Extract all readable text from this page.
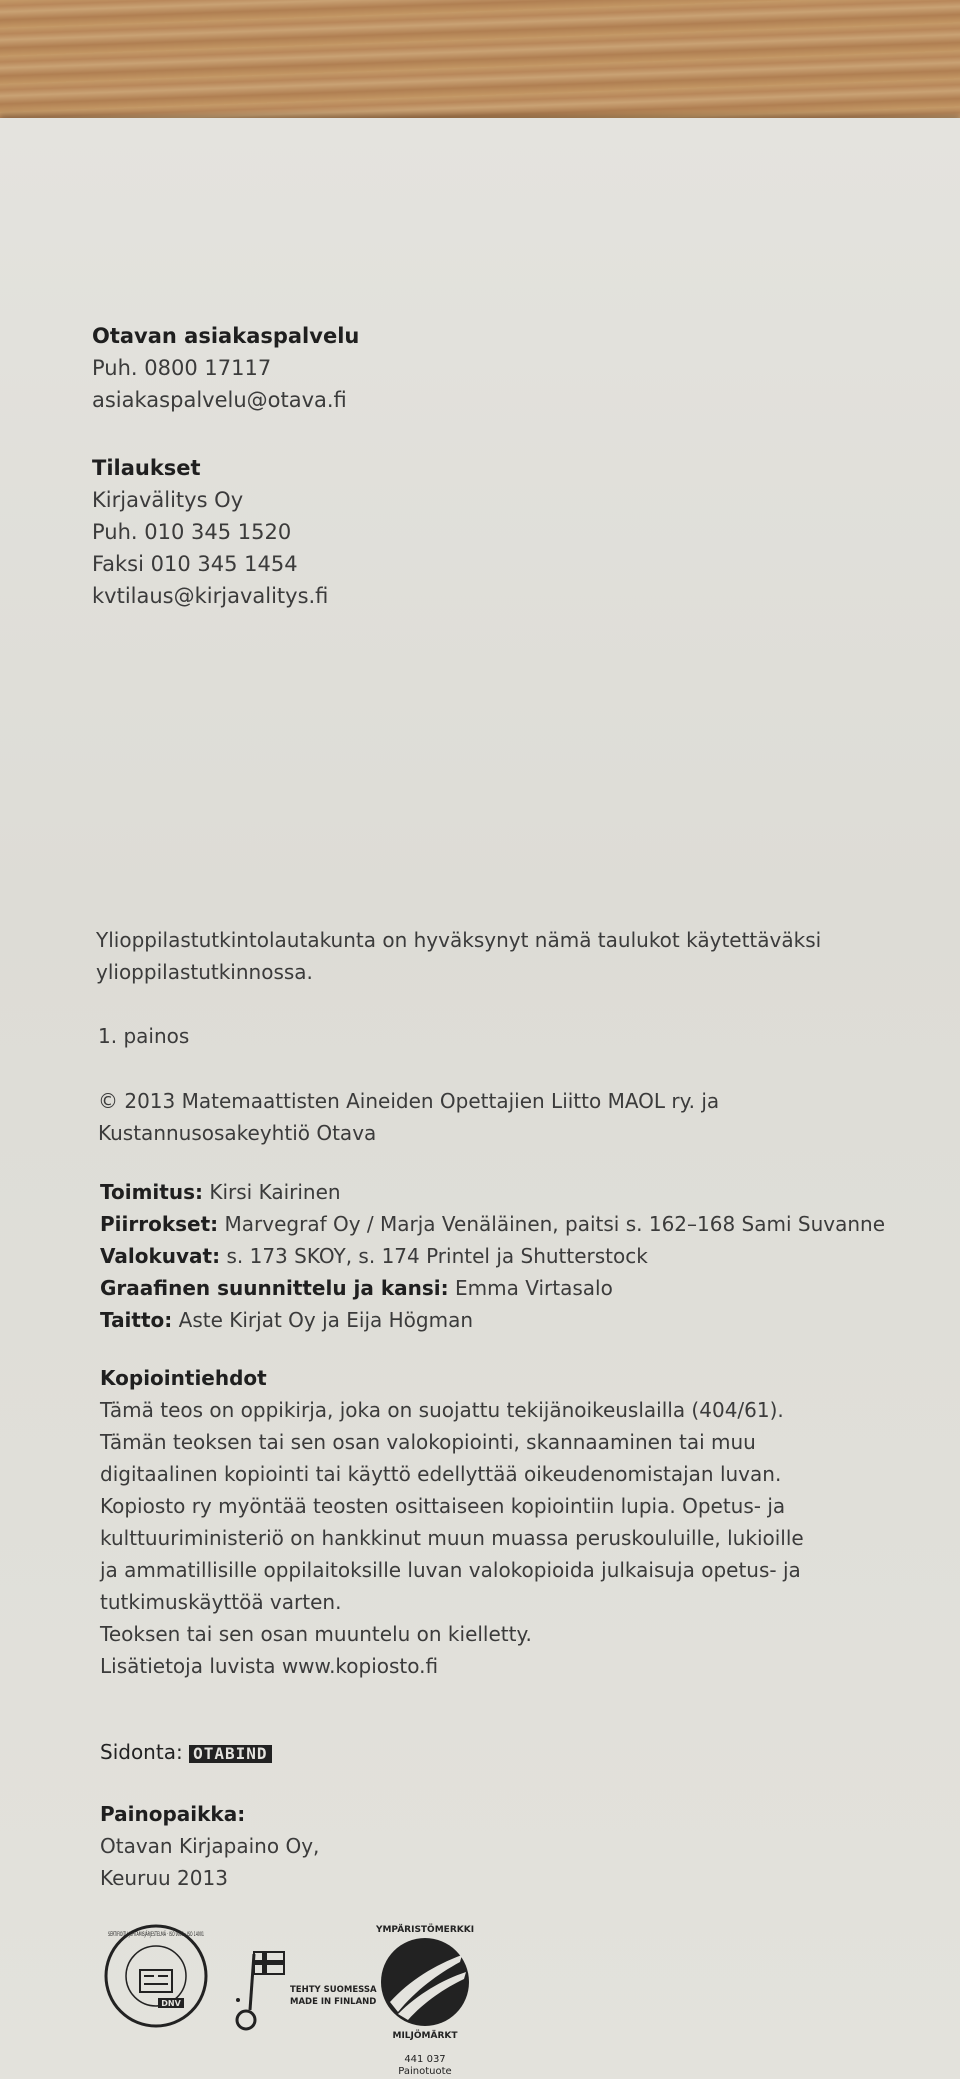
Otavan asiakaspalvelu
Puh. 0800 17117
asiakaspalvelu@otava.fi
Tilaukset
Kirjavälitys Oy
Puh. 010 345 1520
Faksi 010 345 1454
kvtilaus@kirjavalitys.fi
Ylioppilastutkintolautakunta on hyväksynyt nämä taulukot käytettäväksi
ylioppilastutkinnossa.
1. painos
© 2013 Matemaattisten Aineiden Opettajien Liitto MAOL ry. ja
Kustannusosakeyhtiö Otava
Toimitus: Kirsi Kairinen
Piirrokset: Marvegraf Oy / Marja Venäläinen, paitsi s. 162–168 Sami Suvanne
Valokuvat: s. 173 SKOY, s. 174 Printel ja Shutterstock
Graafinen suunnittelu ja kansi: Emma Virtasalo
Taitto: Aste Kirjat Oy ja Eija Högman
Kopiointiehdot
Tämä teos on oppikirja, joka on suojattu tekijänoikeuslailla (404/61).
Tämän teoksen tai sen osan valokopiointi, skannaaminen tai muu
digitaalinen kopiointi tai käyttö edellyttää oikeudenomistajan luvan.
Kopiosto ry myöntää teosten osittaiseen kopiointiin lupia. Opetus- ja
kulttuuriministeriö on hankkinut muun muassa peruskouluille, lukioille
ja ammatillisille oppilaitoksille luvan valokopioida julkaisuja opetus- ja
tutkimuskäyttöä varten.
Teoksen tai sen osan muuntelu on kielletty.
Lisätietoja luvista www.kopiosto.fi
Sidonta: OTABIND
Painopaikka:
Otavan Kirjapaino Oy,
Keuruu 2013
DNV
SERTIFIOITU JOHTAMISJÄRJESTELMÄ · ISO 9001 · ISO 14001
TEHTY SUOMESSA
MADE IN FINLAND
YMPÄRISTÖMERKKI
MILJÖMÄRKT
441 037
Painotuote
